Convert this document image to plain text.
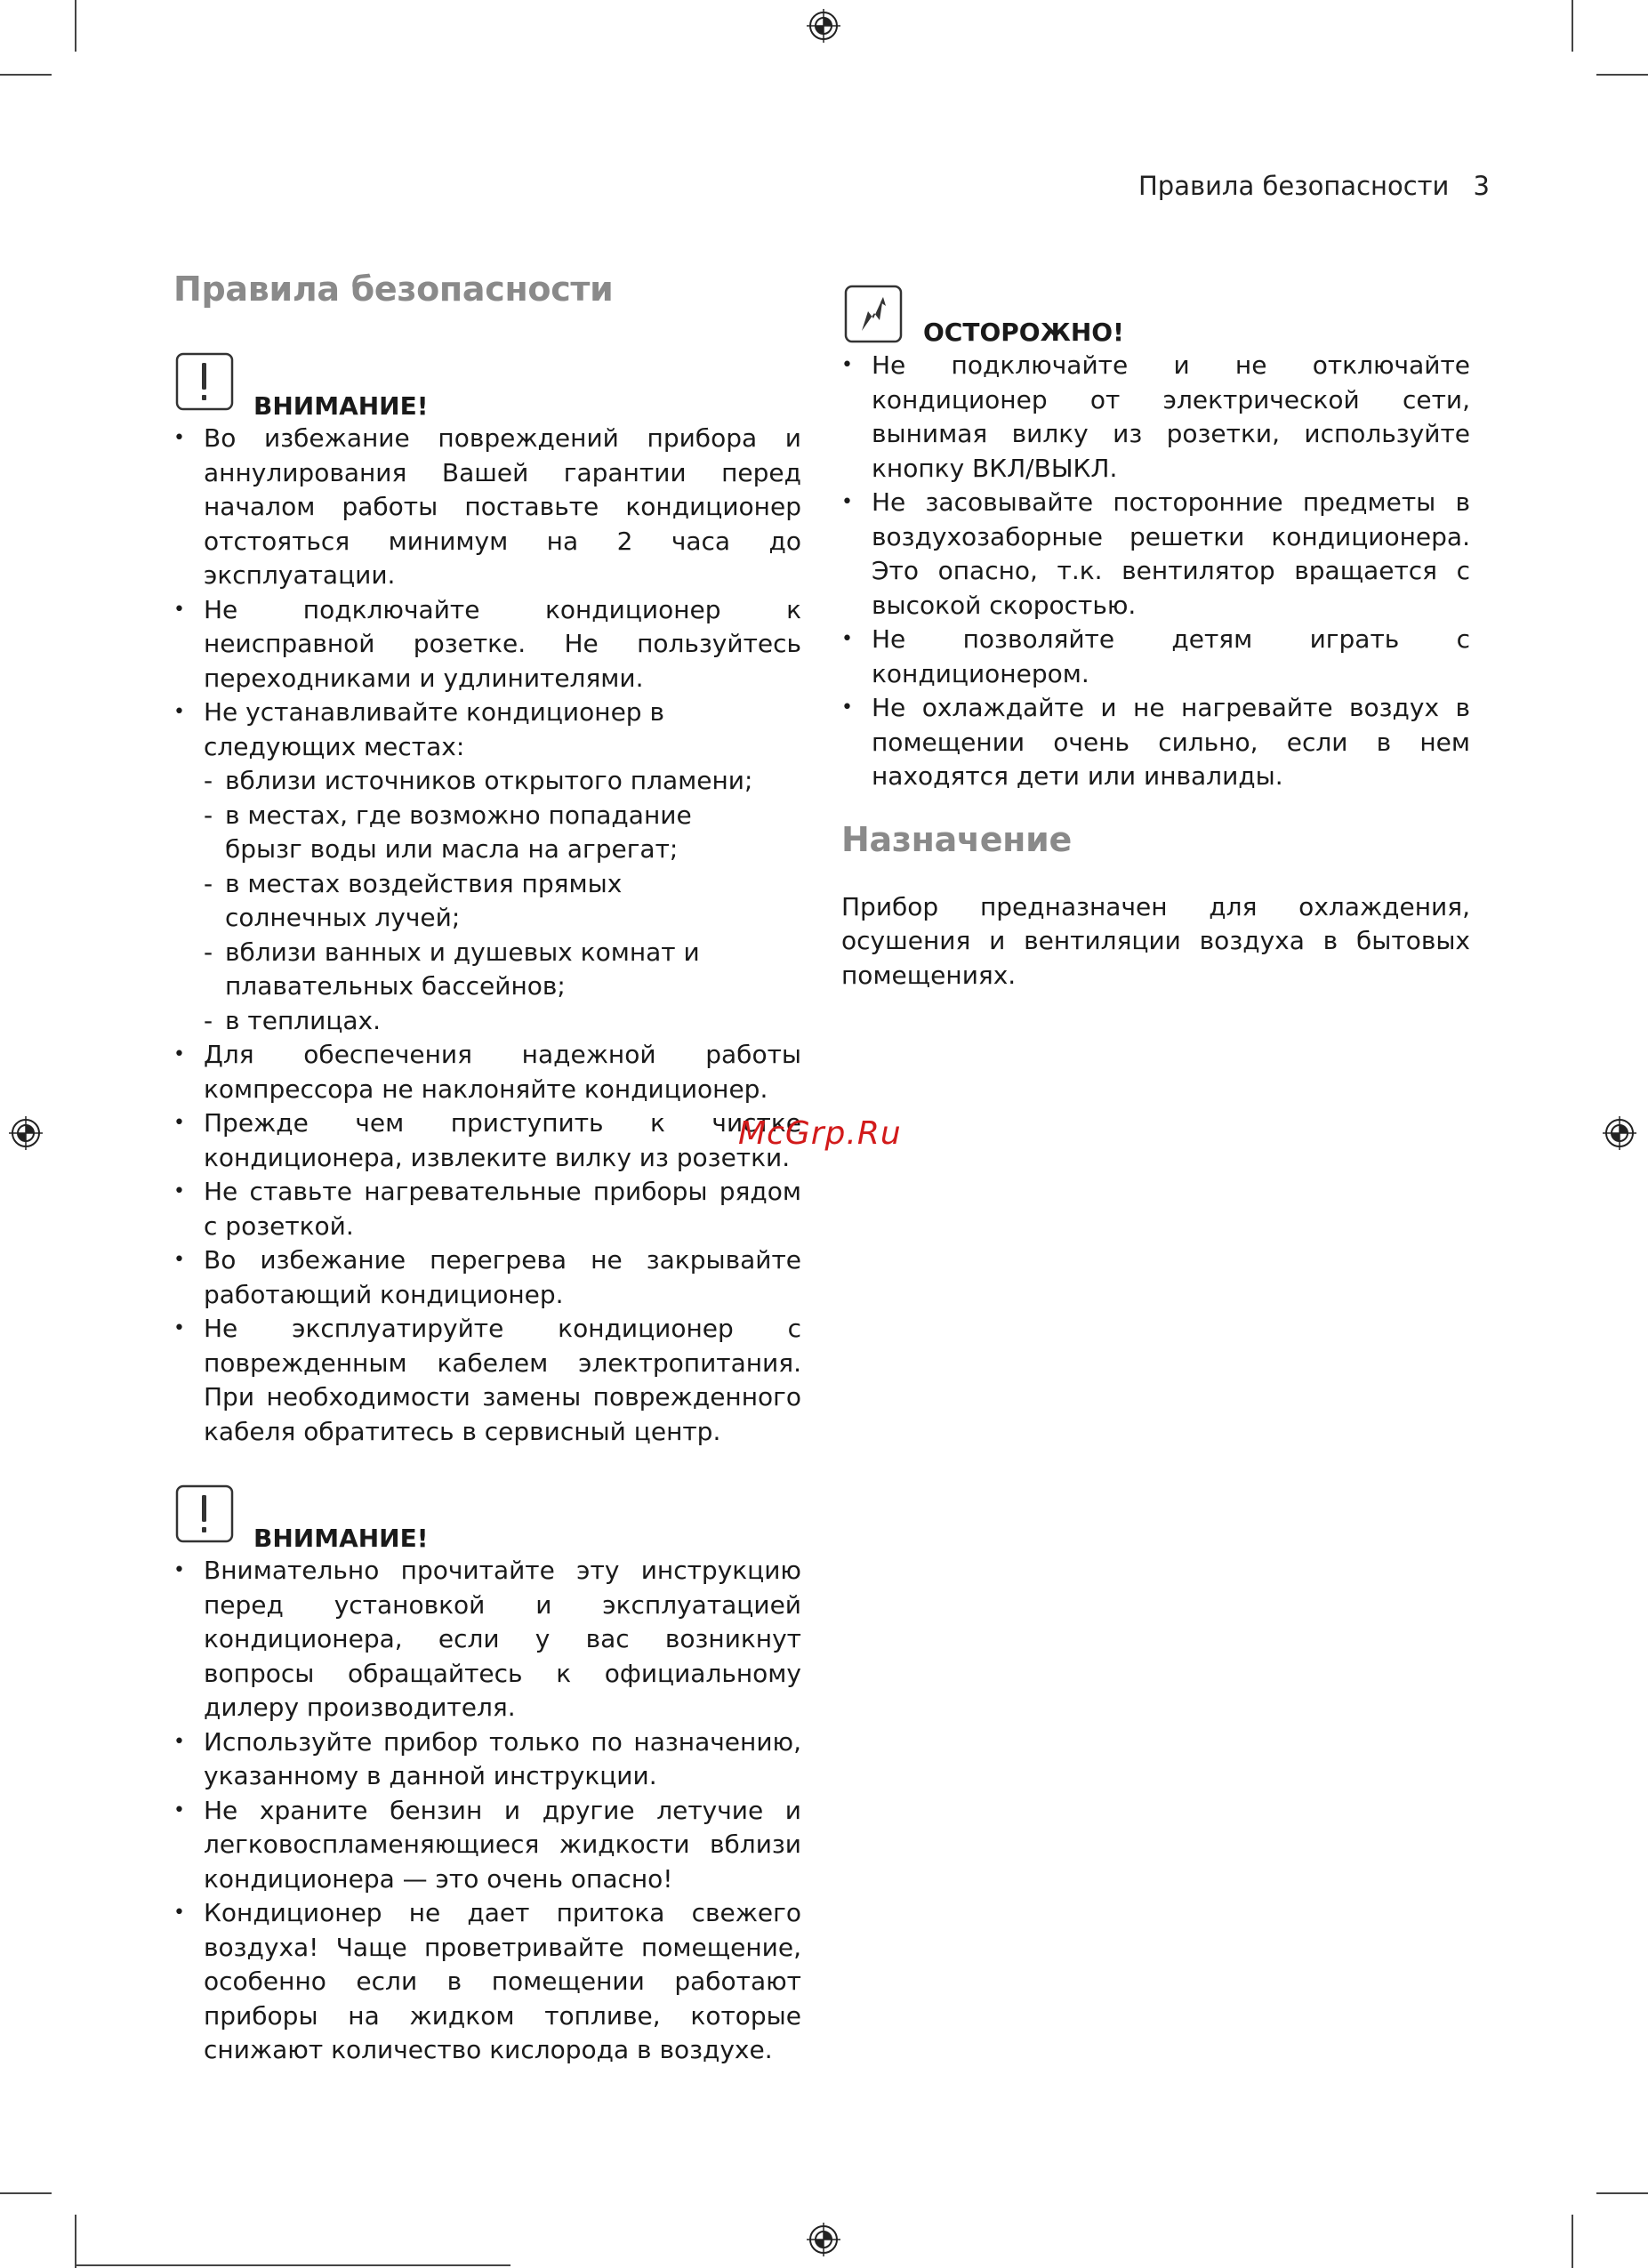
Правила безопасности 3
Правила безопасности
ВНИМАНИЕ!
• Во избежание повреждений прибора и аннулирования Вашей гарантии перед началом работы поставьте кондиционер отстояться минимум на 2 часа до эксплуатации.
• Не подключайте кондиционер к неисправной розетке. Не пользуйтесь переходниками и удлинителями.
• Не устанавливайте кондиционер в следующих местах:
- вблизи источников открытого пламени;
- в местах, где возможно попадание брызг воды или масла на агрегат;
- в местах воздействия прямых солнечных лучей;
- вблизи ванных и душевых комнат и плавательных бассейнов;
- в теплицах.
• Для обеспечения надежной работы компрессора не наклоняйте кондиционер.
• Прежде чем приступить к чистке кондиционера, извлеките вилку из розетки.
• Не ставьте нагревательные приборы рядом с розеткой.
• Во избежание перегрева не закрывайте работающий кондиционер.
• Не эксплуатируйте кондиционер с поврежденным кабелем электропитания. При необходимости замены поврежденного кабеля обратитесь в сервисный центр.
ВНИМАНИЕ!
• Внимательно прочитайте эту инструкцию перед установкой и эксплуатацией кондиционера, если у вас возникнут вопросы обращайтесь к официальному дилеру производителя.
• Используйте прибор только по назначению, указанному в данной инструкции.
• Не храните бензин и другие летучие и легковоспламеняющиеся жидкости вблизи кондиционера — это очень опасно!
• Кондиционер не дает притока свежего воздуха! Чаще проветривайте помещение, особенно если в помещении работают приборы на жидком топливе, которые снижают количество кислорода в воздухе.
ОСТОРОЖНО!
• Не подключайте и не отключайте кондиционер от электрической сети, вынимая вилку из розетки, используйте кнопку ВКЛ/ВЫКЛ.
• Не засовывайте посторонние предметы в воздухозаборные решетки кондиционера. Это опасно, т.к. вентилятор вращается с высокой скоростью.
• Не позволяйте детям играть с кондиционером.
• Не охлаждайте и не нагревайте воздух в помещении очень сильно, если в нем находятся дети или инвалиды.
Назначение

Прибор предназначен для охлаждения, осушения и вентиляции воздуха в бытовых помещениях.

McGrp.Ru
